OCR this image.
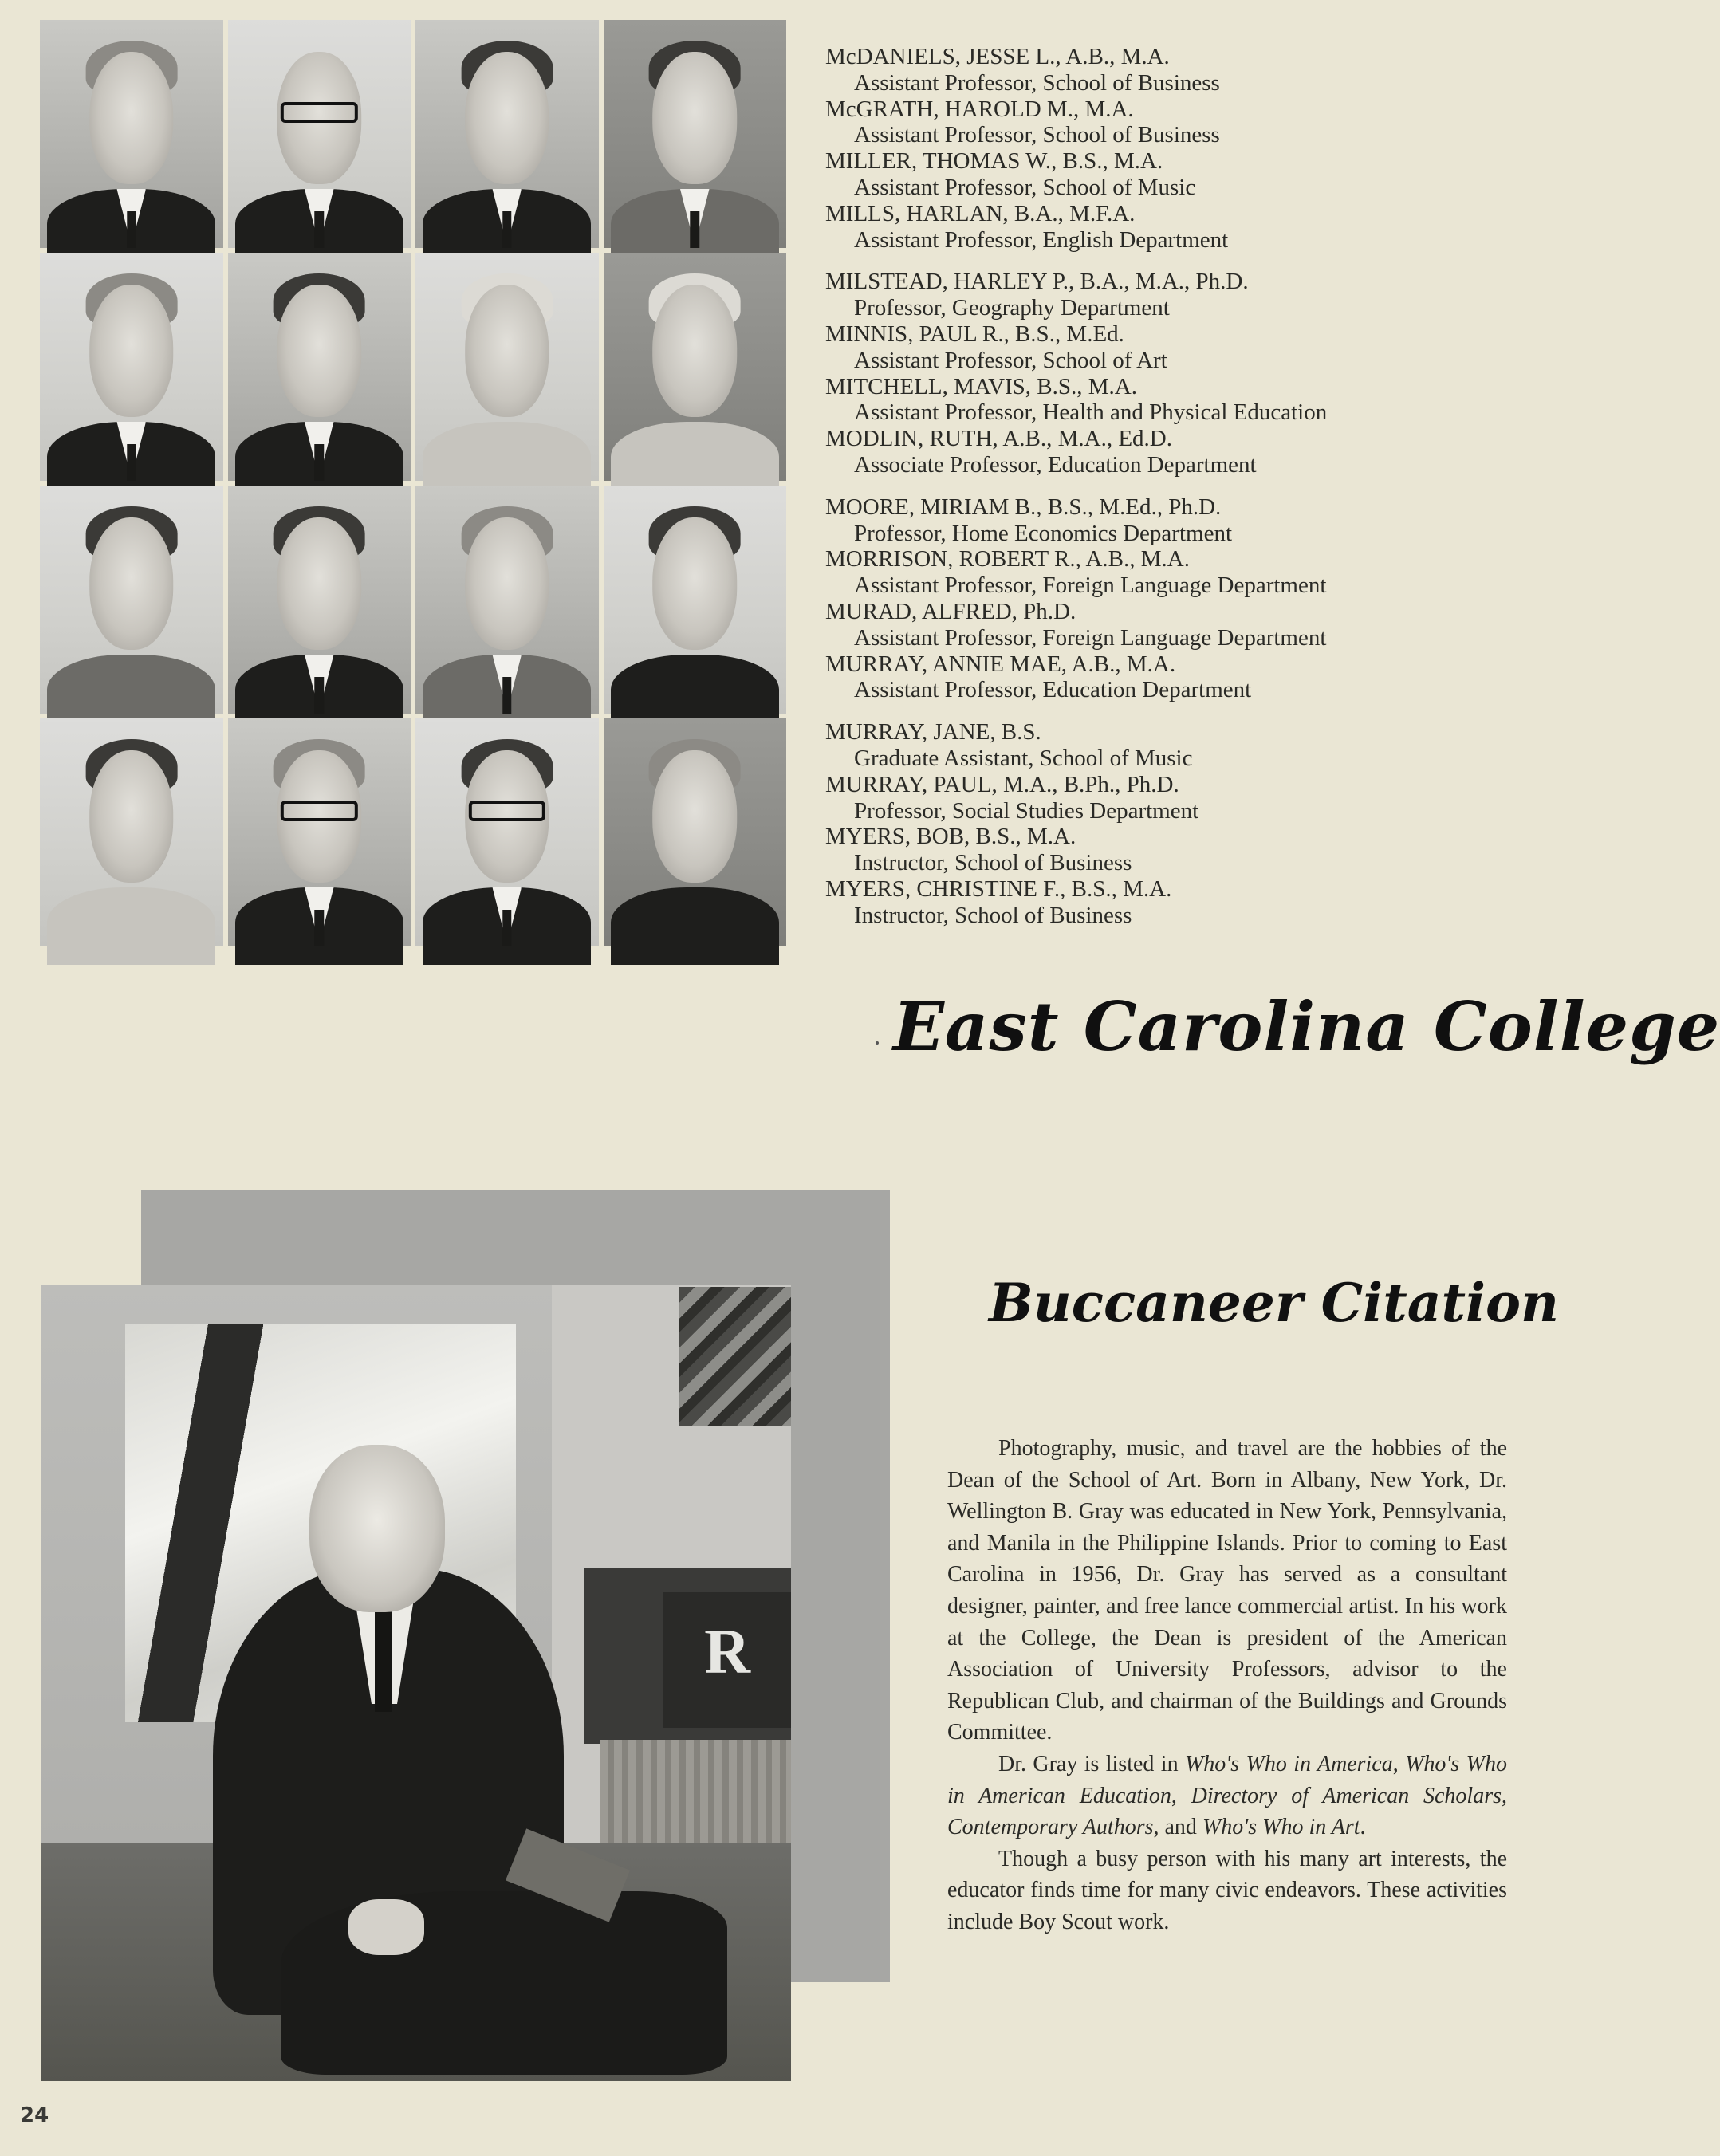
McDANIELS, JESSE L., A.B., M.A.
Assistant Professor, School of Business
McGRATH, HAROLD M., M.A.
Assistant Professor, School of Business
MILLER, THOMAS W., B.S., M.A.
Assistant Professor, School of Music
MILLS, HARLAN, B.A., M.F.A.
Assistant Professor, English Department
MILSTEAD, HARLEY P., B.A., M.A., Ph.D.
Professor, Geography Department
MINNIS, PAUL R., B.S., M.Ed.
Assistant Professor, School of Art
MITCHELL, MAVIS, B.S., M.A.
Assistant Professor, Health and Physical Education
MODLIN, RUTH, A.B., M.A., Ed.D.
Associate Professor, Education Department
MOORE, MIRIAM B., B.S., M.Ed., Ph.D.
Professor, Home Economics Department
MORRISON, ROBERT R., A.B., M.A.
Assistant Professor, Foreign Language Department
MURAD, ALFRED, Ph.D.
Assistant Professor, Foreign Language Department
MURRAY, ANNIE MAE, A.B., M.A.
Assistant Professor, Education Department
MURRAY, JANE, B.S.
Graduate Assistant, School of Music
MURRAY, PAUL, M.A., B.Ph., Ph.D.
Professor, Social Studies Department
MYERS, BOB, B.S., M.A.
Instructor, School of Business
MYERS, CHRISTINE F., B.S., M.A.
Instructor, School of Business
East Carolina College
R
Buccaneer Citation

Photography, music, and travel are the hobbies of the Dean of the School of Art. Born in Albany, New York, Dr. Wellington B. Gray was educated in New York, Pennsylvania, and Manila in the Philippine Islands. Prior to coming to East Carolina in 1956, Dr. Gray has served as a consultant designer, painter, and free lance commercial artist. In his work at the College, the Dean is president of the American Association of University Professors, advisor to the Republican Club, and chairman of the Buildings and Grounds Committee.

Dr. Gray is listed in Who's Who in America, Who's Who in American Education, Directory of American Scholars, Contemporary Authors, and Who's Who in Art.

Though a busy person with his many art interests, the educator finds time for many civic endeavors. These activities include Boy Scout work.

24
